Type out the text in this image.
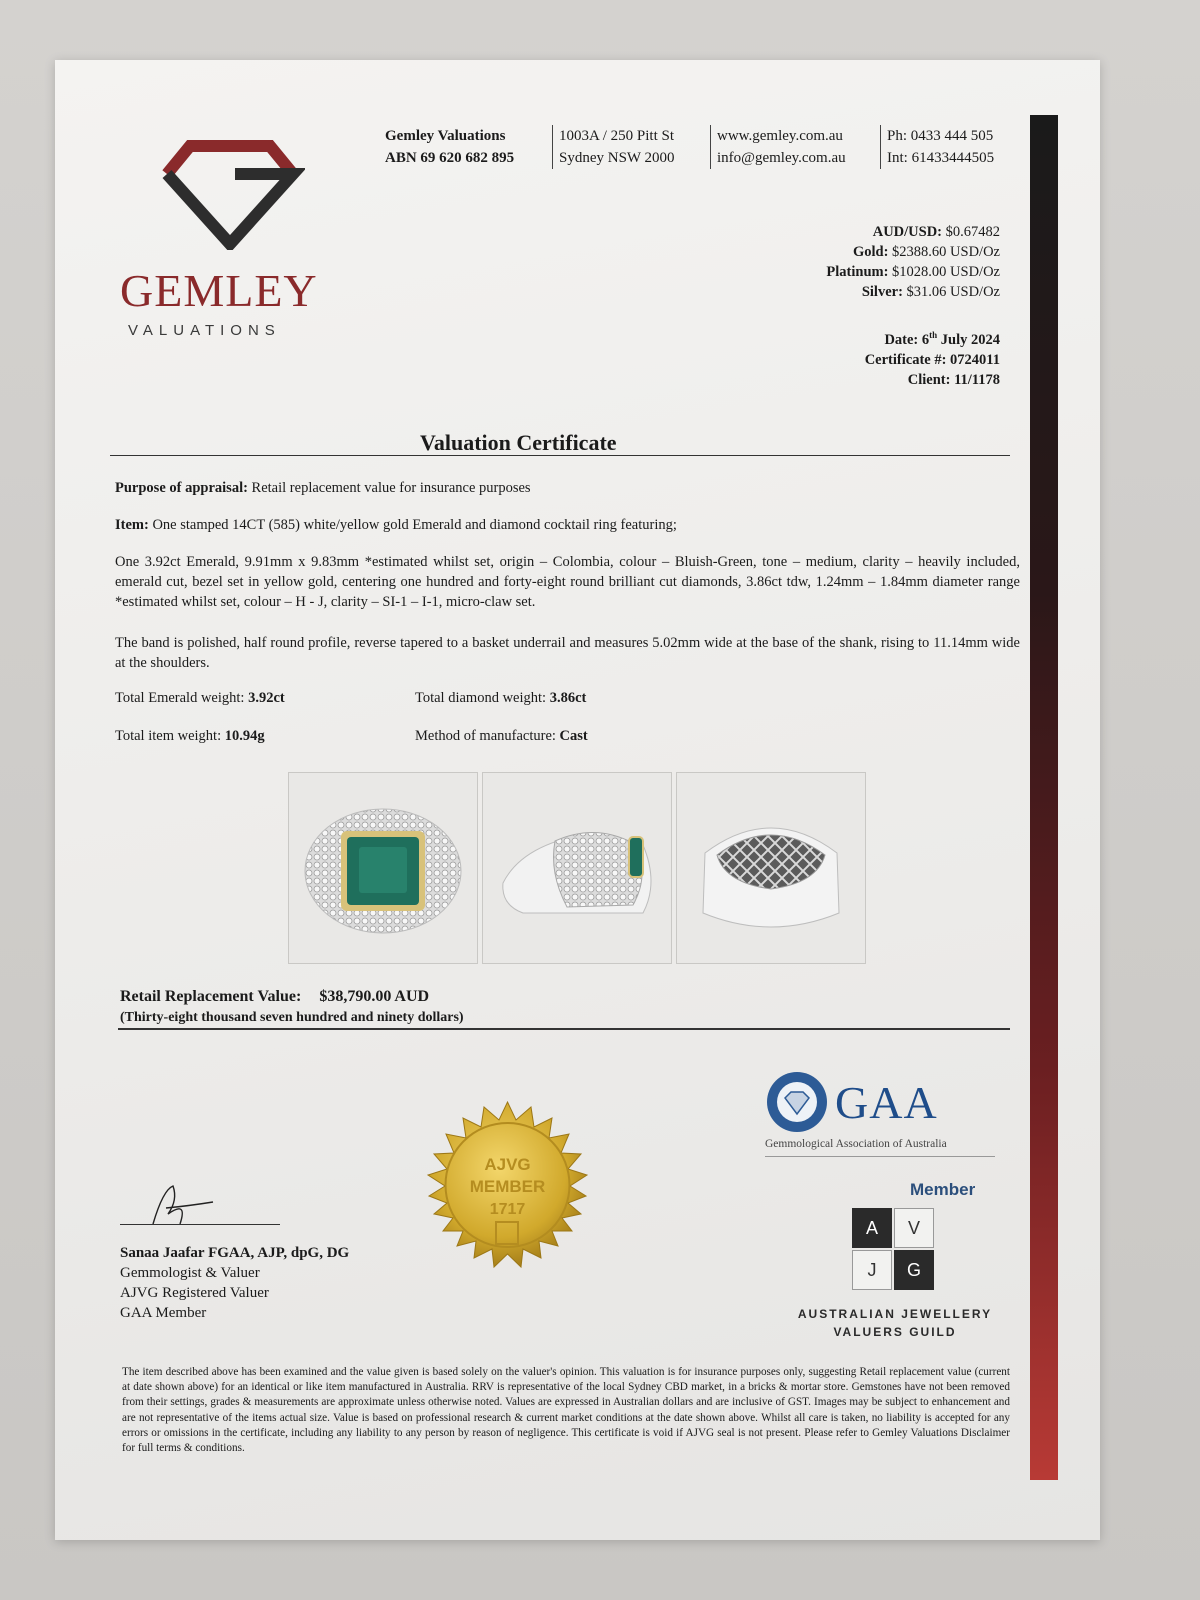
GEMLEY
VALUATIONS
Gemley Valuations
ABN 69 620 682 895
1003A / 250 Pitt St
Sydney NSW 2000
www.gemley.com.au
info@gemley.com.au
Ph: 0433 444 505
Int: 61433444505
AUD/USD: $0.67482
Gold: $2388.60 USD/Oz
Platinum: $1028.00 USD/Oz
Silver: $31.06 USD/Oz
Date: 6th July 2024
Certificate #: 0724011
Client: 11/1178
Valuation Certificate
Purpose of appraisal: Retail replacement value for insurance purposes
Item: One stamped 14CT (585) white/yellow gold Emerald and diamond cocktail ring featuring;
One 3.92ct Emerald, 9.91mm x 9.83mm *estimated whilst set, origin – Colombia, colour – Bluish-Green, tone – medium, clarity – heavily included, emerald cut, bezel set in yellow gold, centering one hundred and forty-eight round brilliant cut diamonds, 3.86ct tdw, 1.24mm – 1.84mm diameter range *estimated whilst set, colour – H - J, clarity – SI-1 – I-1, micro-claw set.
The band is polished, half round profile, reverse tapered to a basket underrail and measures 5.02mm wide at the base of the shank, rising to 11.14mm wide at the shoulders.
Total Emerald weight: 3.92ct	Total diamond weight: 3.86ct
Total item weight: 10.94g	Method of manufacture: Cast
Retail Replacement Value: $38,790.00 AUD
(Thirty-eight thousand seven hundred and ninety dollars)
AJVG
MEMBER
1717
GAA
Gemmological Association of Australia
Member
A	V
J	G
AUSTRALIAN JEWELLERY
VALUERS GUILD
Sanaa Jaafar FGAA, AJP, dpG, DG
Gemmologist & Valuer
AJVG Registered Valuer
GAA Member
The item described above has been examined and the value given is based solely on the valuer's opinion. This valuation is for insurance purposes only, suggesting Retail replacement value (current at date shown above) for an identical or like item manufactured in Australia. RRV is representative of the local Sydney CBD market, in a bricks & mortar store. Gemstones have not been removed from their settings, grades & measurements are approximate unless otherwise noted. Values are expressed in Australian dollars and are inclusive of GST. Images may be subject to enhancement and are not representative of the items actual size. Value is based on professional research & current market conditions at the date shown above. Whilst all care is taken, no liability is accepted for any errors or omissions in the certificate, including any liability to any person by reason of negligence. This certificate is void if AJVG seal is not present. Please refer to Gemley Valuations Disclaimer for full terms & conditions.
